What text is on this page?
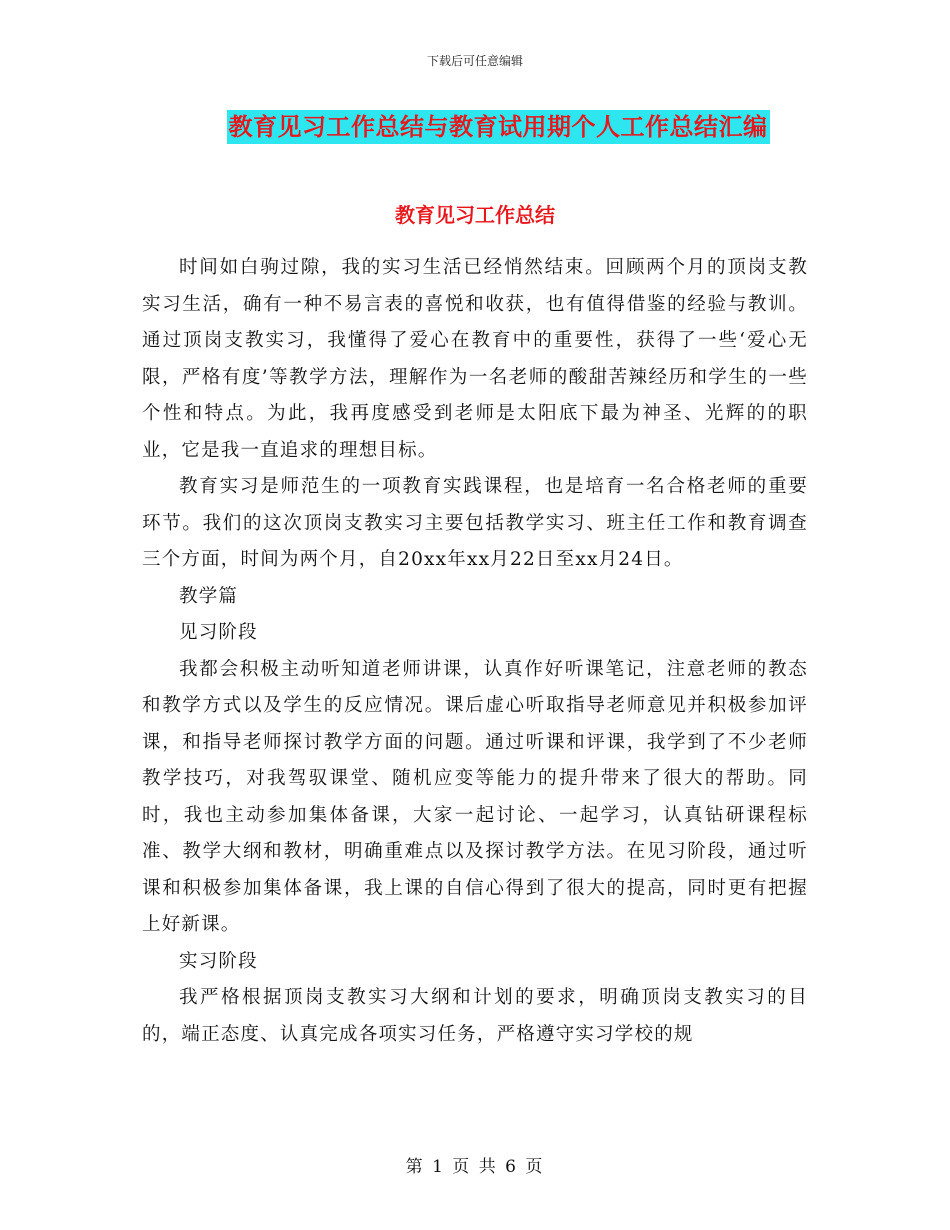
下载后可任意编辑
教育见习工作总结与教育试用期个人工作总结汇编
教育见习工作总结

时间如白驹过隙，我的实习生活已经悄然结束。回顾两个月的顶岗支教实习生活，确有一种不易言表的喜悦和收获，也有值得借鉴的经验与教训。通过顶岗支教实习，我懂得了爱心在教育中的重要性，获得了一些‘爱心无限，严格有度’等教学方法，理解作为一名老师的酸甜苦辣经历和学生的一些个性和特点。为此，我再度感受到老师是太阳底下最为神圣、光辉的的职业，它是我一直追求的理想目标。

教育实习是师范生的一项教育实践课程，也是培育一名合格老师的重要环节。我们的这次顶岗支教实习主要包括教学实习、班主任工作和教育调查三个方面，时间为两个月，自20xx年xx月22日至xx月24日。

教学篇

见习阶段

我都会积极主动听知道老师讲课，认真作好听课笔记，注意老师的教态和教学方式以及学生的反应情况。课后虚心听取指导老师意见并积极参加评课，和指导老师探讨教学方面的问题。通过听课和评课，我学到了不少老师教学技巧，对我驾驭课堂、随机应变等能力的提升带来了很大的帮助。同时，我也主动参加集体备课，大家一起讨论、一起学习，认真钻研课程标准、教学大纲和教材，明确重难点以及探讨教学方法。在见习阶段，通过听课和积极参加集体备课，我上课的自信心得到了很大的提高，同时更有把握上好新课。

实习阶段

我严格根据顶岗支教实习大纲和计划的要求，明确顶岗支教实习的目的，端正态度、认真完成各项实习任务，严格遵守实习学校的规

第 1 页 共 6 页
